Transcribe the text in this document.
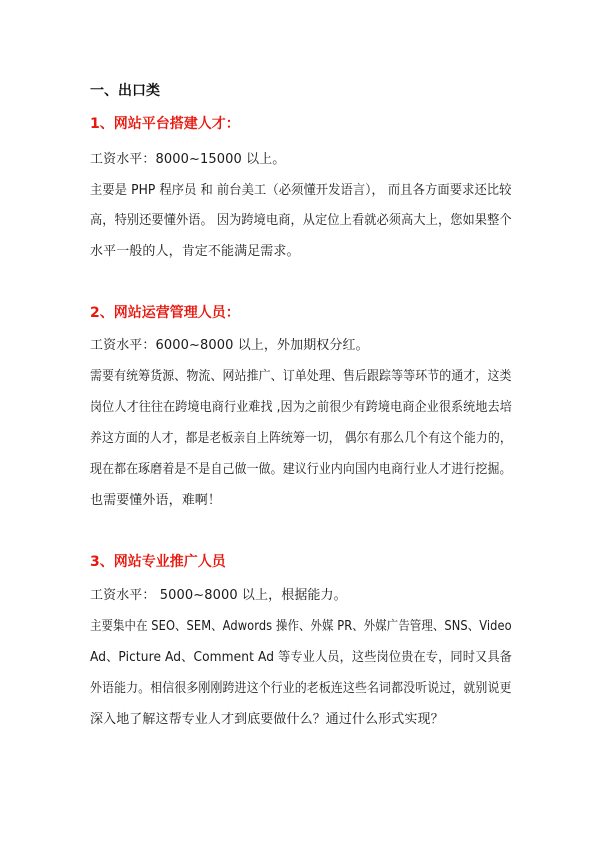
一、出口类
1、网站平台搭建人才：
工资水平：8000~15000 以上。
主要是 PHP 程序员 和 前台美工（必须懂开发语言）， 而且各方面要求还比较
高，特别还要懂外语。 因为跨境电商，从定位上看就必须高大上，您如果整个
水平一般的人，肯定不能满足需求。
2、网站运营管理人员：
工资水平：6000~8000 以上，外加期权分红。
需要有统筹货源、物流、网站推广、订单处理、售后跟踪等等环节的通才，这类
岗位人才往往在跨境电商行业难找 ,因为之前很少有跨境电商企业很系统地去培
养这方面的人才，都是老板亲自上阵统筹一切， 偶尔有那么几个有这个能力的，
现在都在琢磨着是不是自己做一做。建议行业内向国内电商行业人才进行挖掘。
也需要懂外语，难啊！
3、网站专业推广人员
工资水平： 5000~8000 以上，根据能力。
主要集中在 SEO、SEM、Adwords 操作、外媒 PR、外媒广告管理、SNS、Video
Ad、Picture Ad、Comment Ad 等专业人员，这些岗位贵在专，同时又具备
外语能力。相信很多刚刚跨进这个行业的老板连这些名词都没听说过，就别说更
深入地了解这帮专业人才到底要做什么？通过什么形式实现？
